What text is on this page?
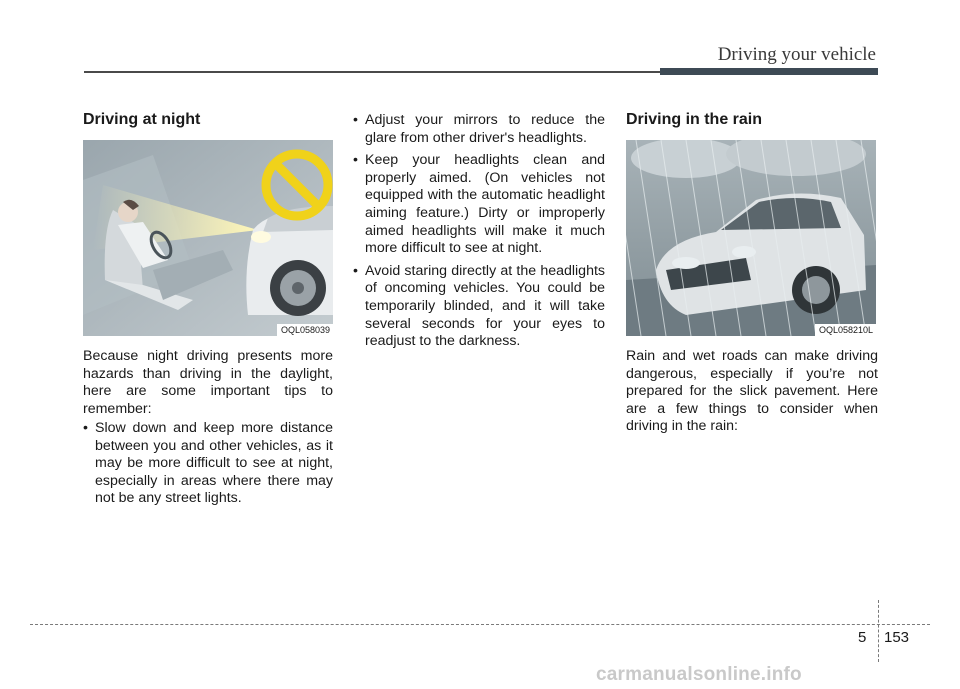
Driving your vehicle
Driving at night
OQL058039

Because night driving presents more hazards than driving in the daylight, here are some important tips to remember:

• Slow down and keep more distance between you and other vehicles, as it may be more difficult to see at night, especially in areas where there may not be any street lights.
• Adjust your mirrors to reduce the glare from other driver's headlights.
• Keep your headlights clean and properly aimed. (On vehicles not equipped with the automatic headlight aiming feature.) Dirty or improperly aimed headlights will make it much more difficult to see at night.
• Avoid staring directly at the headlights of oncoming vehicles. You could be temporarily blinded, and it will take several seconds for your eyes to readjust to the darkness.
Driving in the rain
OQL058210L

Rain and wet roads can make driving dangerous, especially if you’re not prepared for the slick pavement. Here are a few things to consider when driving in the rain:

5 153
carmanualsonline.info
